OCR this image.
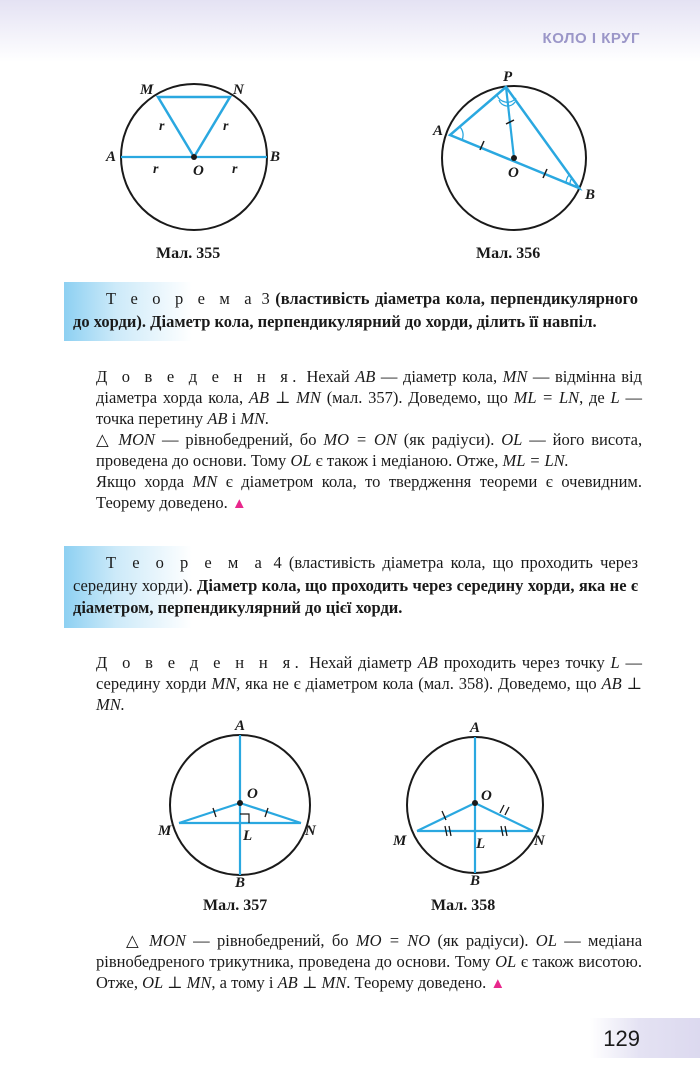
КОЛО І КРУГ
M	N
A	B
O
r	r
r	r
P
A
O
B
Мал. 355	Мал. 356
Т е о р е м а 3 (властивість діаметра кола, перпендикулярного до хорди). Діаметр кола, перпендикулярний до хорди, ділить її навпіл.

Д о в е д е н н я. Нехай AB — діаметр кола, MN — відмінна від діаметра хорда кола, AB ⊥ MN (мал. 357). Доведемо, що ML = LN, де L — точка перетину AB і MN.

△ MON — рівнобедрений, бо MO = ON (як радіуси). OL — його висота, проведена до основи. Тому OL є також і медіаною. Отже, ML = LN.

Якщо хорда MN є діаметром кола, то твердження теореми є очевидним. Теорему доведено. ▲

Т е о р е м а 4 (властивість діаметра кола, що проходить через середину хорди). Діаметр кола, що проходить через середину хорди, яка не є діаметром, перпендикулярний до цієї хорди.

Д о в е д е н н я. Нехай діаметр AB проходить через точку L — середину хорди MN, яка не є діаметром кола (мал. 358). Доведемо, що AB ⊥ MN.

A
O
M	L	N
B
A
O
M	L	N
B
Мал. 357	Мал. 358

△ MON — рівнобедрений, бо MO = NO (як радіуси). OL — медіана рівнобедреного трикутника, проведена до основи. Тому OL є також висотою. Отже, OL ⊥ MN, а тому і AB ⊥ MN. Теорему доведено. ▲

129
